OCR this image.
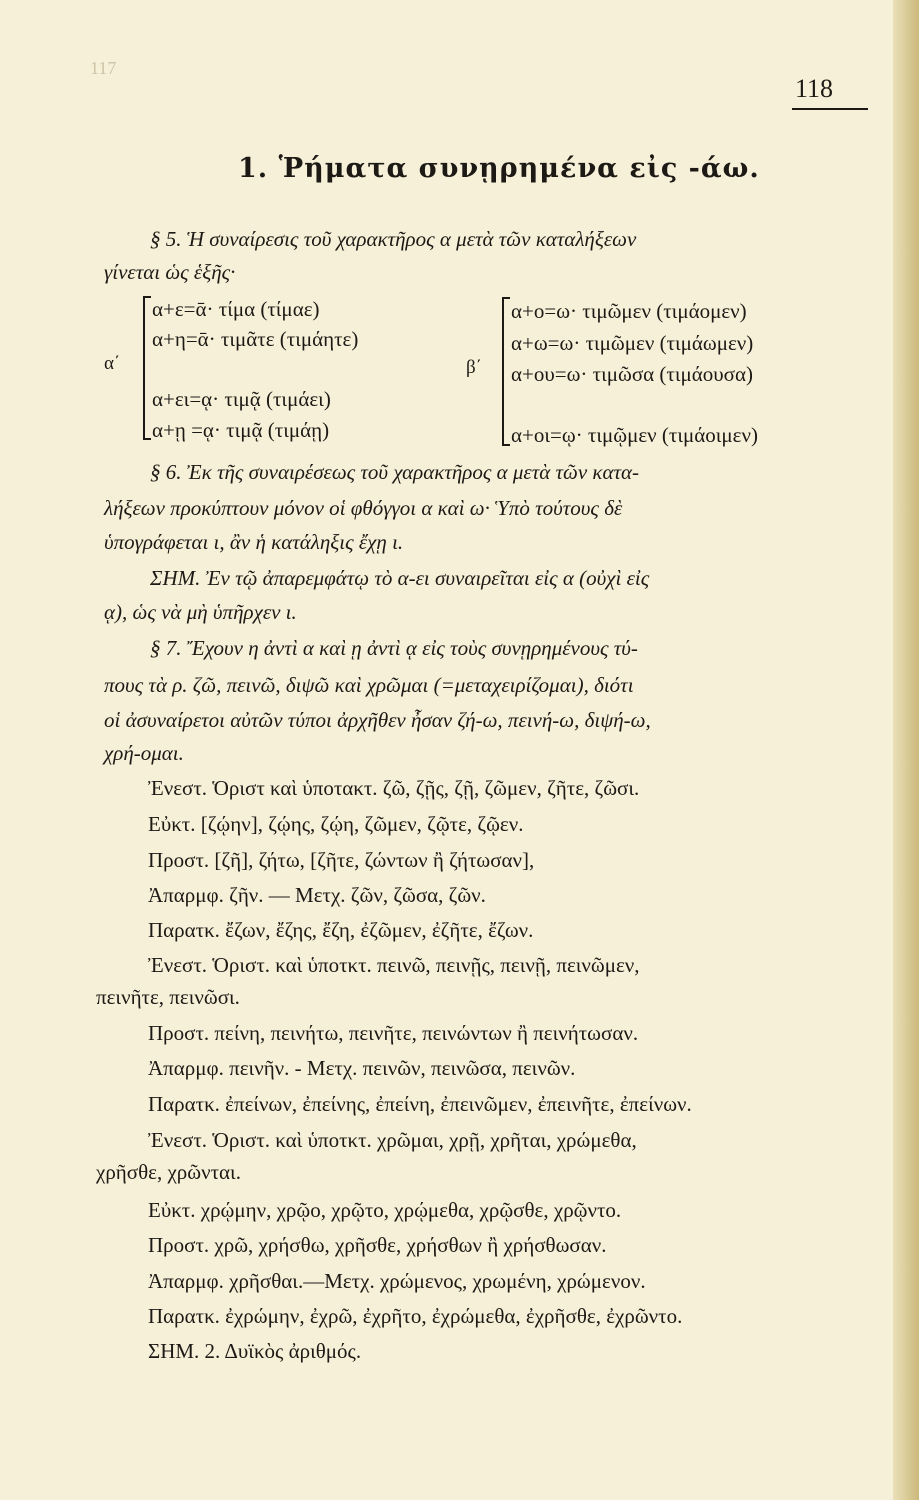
117
118
1. Ῥήματα συνῃρημένα εἰς -άω.
§ 5. Ἡ συναίρεσις τοῦ χαρακτῆρος α μετὰ τῶν καταλήξεων
γίνεται ὡς ἑξῆς·
α΄
α+ε=ᾱ· τίμα (τίμαε)
α+η=ᾱ· τιμᾶτε (τιμάητε)
α+ει=ᾳ· τιμᾷ (τιμάει)
α+ῃ =ᾳ· τιμᾷ (τιμάῃ)
β΄
α+ο=ω· τιμῶμεν (τιμάομεν)
α+ω=ω· τιμῶμεν (τιμάωμεν)
α+ου=ω· τιμῶσα (τιμάουσα)
α+οι=ῳ· τιμῷμεν (τιμάοιμεν)
§ 6. Ἐκ τῆς συναιρέσεως τοῦ χαρακτῆρος α μετὰ τῶν κατα-
λήξεων προκύπτουν μόνον οἱ φθόγγοι α καὶ ω· Ὑπὸ τούτους δὲ
ὑπογράφεται ι, ἂν ἡ κατάληξις ἔχῃ ι.
ΣΗΜ. Ἐν τῷ ἀπαρεμφάτῳ τὸ α-ει συναιρεῖται εἰς α (οὐχὶ εἰς
ᾳ), ὡς νὰ μὴ ὑπῆρχεν ι.
§ 7. Ἔχουν η ἀντὶ α καὶ ῃ ἀντὶ ᾳ εἰς τοὺς συνῃρημένους τύ-
πους τὰ ρ. ζῶ, πεινῶ, διψῶ καὶ χρῶμαι (=μεταχειρίζομαι), διότι
οἱ ἀσυναίρετοι αὐτῶν τύποι ἀρχῆθεν ἦσαν ζή-ω, πεινή-ω, διψή-ω,
χρή-ομαι.
Ἐνεστ. Ὁριστ καὶ ὑποτακτ. ζῶ, ζῇς, ζῇ, ζῶμεν, ζῆτε, ζῶσι.
Εὐκτ. [ζῴην], ζῴης, ζῴη, ζῶμεν, ζῷτε, ζῷεν.
Προστ. [ζῆ], ζήτω, [ζῆτε, ζώντων ἢ ζήτωσαν],
Ἀπαρμφ. ζῆν. — Μετχ. ζῶν, ζῶσα, ζῶν.
Παρατκ. ἔζων, ἔζης, ἔζη, ἐζῶμεν, ἐζῆτε, ἔζων.
Ἐνεστ. Ὁριστ. καὶ ὑποτκτ. πεινῶ, πεινῇς, πεινῇ, πεινῶμεν,
πεινῆτε, πεινῶσι.
Προστ. πείνη, πεινήτω, πεινῆτε, πεινώντων ἢ πεινήτωσαν.
Ἀπαρμφ. πεινῆν. - Μετχ. πεινῶν, πεινῶσα, πεινῶν.
Παρατκ. ἐπείνων, ἐπείνης, ἐπείνη, ἐπεινῶμεν, ἐπεινῆτε, ἐπείνων.
Ἐνεστ. Ὁριστ. καὶ ὑποτκτ. χρῶμαι, χρῇ, χρῆται, χρώμεθα,
χρῆσθε, χρῶνται.
Εὐκτ. χρῴμην, χρῷο, χρῷτο, χρῴμεθα, χρῷσθε, χρῷντο.
Προστ. χρῶ, χρήσθω, χρῆσθε, χρήσθων ἢ χρήσθωσαν.
Ἀπαρμφ. χρῆσθαι.—Μετχ. χρώμενος, χρωμένη, χρώμενον.
Παρατκ. ἐχρώμην, ἐχρῶ, ἐχρῆτο, ἐχρώμεθα, ἐχρῆσθε, ἐχρῶντο.
ΣΗΜ. 2. Δυϊκὸς ἀριθμός.
